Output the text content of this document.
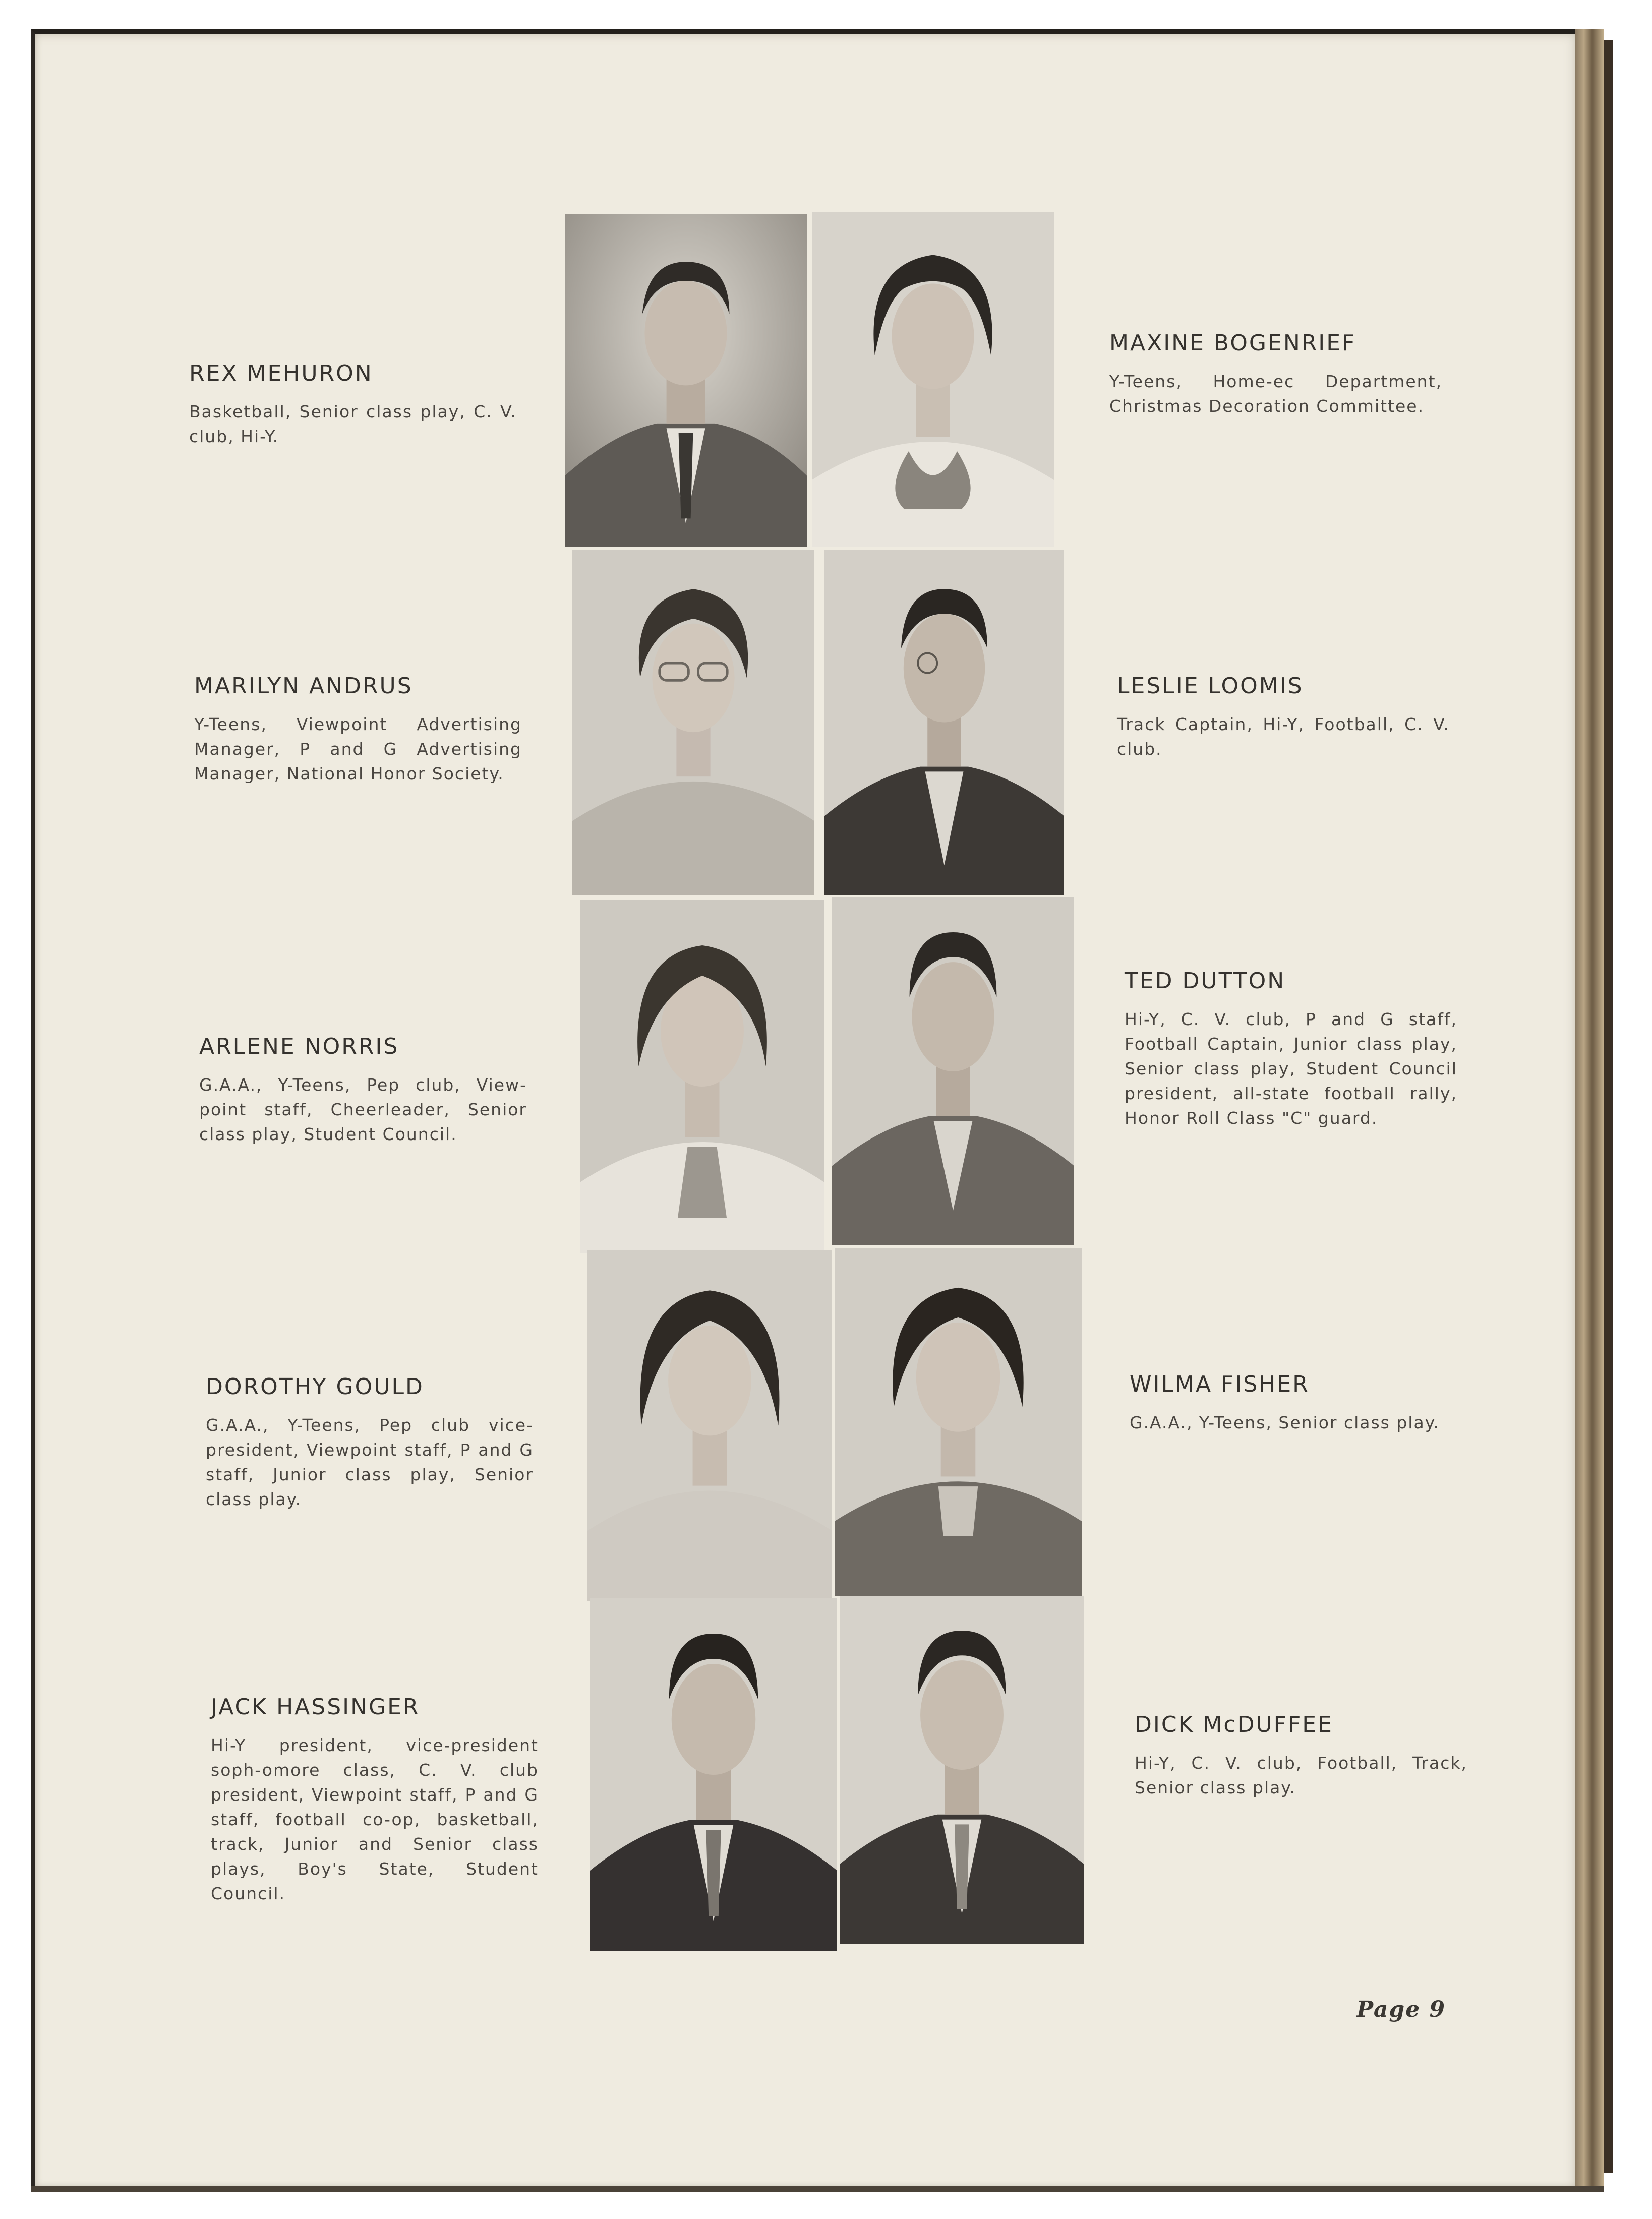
REX MEHURON
Basketball, Senior class play, C. V. club, Hi-Y.
MARILYN ANDRUS
Y-Teens, Viewpoint Advertising Manager, P and G Advertising Manager, National Honor Society.
ARLENE NORRIS
G.A.A., Y-Teens, Pep club, View-point staff, Cheerleader, Senior class play, Student Council.
DOROTHY GOULD
G.A.A., Y-Teens, Pep club vice-president, Viewpoint staff, P and G staff, Junior class play, Senior class play.
JACK HASSINGER
Hi-Y president, vice-president soph-omore class, C. V. club president, Viewpoint staff, P and G staff, football co-op, basketball, track, Junior and Senior class plays, Boy's State, Student Council.
MAXINE BOGENRIEF
Y-Teens, Home-ec Department, Christmas Decoration Committee.
LESLIE LOOMIS
Track Captain, Hi-Y, Football, C. V. club.
TED DUTTON
Hi-Y, C. V. club, P and G staff, Football Captain, Junior class play, Senior class play, Student Council president, all-state football rally, Honor Roll Class "C" guard.
WILMA FISHER
G.A.A., Y-Teens, Senior class play.
DICK McDUFFEE
Hi-Y, C. V. club, Football, Track, Senior class play.
Page 9
